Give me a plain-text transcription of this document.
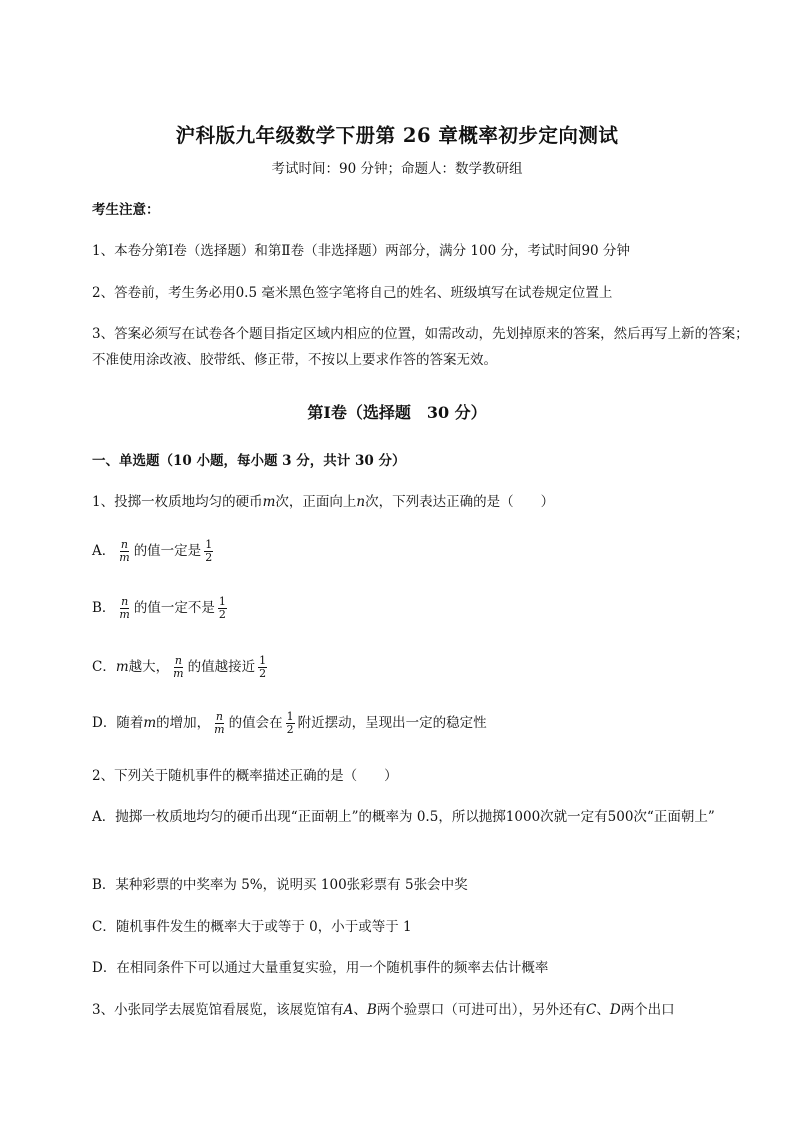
沪科版九年级数学下册第 26 章概率初步定向测试
考试时间：90 分钟；命题人：数学教研组
考生注意：
1、本卷分第Ⅰ卷（选择题）和第Ⅱ卷（非选择题）两部分，满分 100 分，考试时间90 分钟
2、答卷前，考生务必用0.5 毫米黑色签字笔将自己的姓名、班级填写在试卷规定位置上
3、答案必须写在试卷各个题目指定区域内相应的位置，如需改动，先划掉原来的答案，然后再写上新的答案；不准使用涂改液、胶带纸、修正带，不按以上要求作答的答案无效。
第Ⅰ卷（选择题　30 分）
一、单选题（10 小题，每小题 3 分，共计 30 分）
1、投掷一枚质地均匀的硬币m次，正面向上n次，下列表达正确的是（　　）
A． $\frac{n}{m}$ 的值一定是 $\frac{1}{2}$
B． $\frac{n}{m}$ 的值一定不是 $\frac{1}{2}$
C．m越大， $\frac{n}{m}$ 的值越接近 $\frac{1}{2}$
D．随着m的增加， $\frac{n}{m}$ 的值会在 $\frac{1}{2}$ 附近摆动，呈现出一定的稳定性
2、下列关于随机事件的概率描述正确的是（　　）
A．抛掷一枚质地均匀的硬币出现“正面朝上”的概率为 0.5，所以抛掷1000次就一定有500次“正面朝上”
B．某种彩票的中奖率为 5%，说明买 100张彩票有 5张会中奖
C．随机事件发生的概率大于或等于 0，小于或等于 1
D．在相同条件下可以通过大量重复实验，用一个随机事件的频率去估计概率
3、小张同学去展览馆看展览，该展览馆有A、B两个验票口（可进可出），另外还有C、D两个出口
